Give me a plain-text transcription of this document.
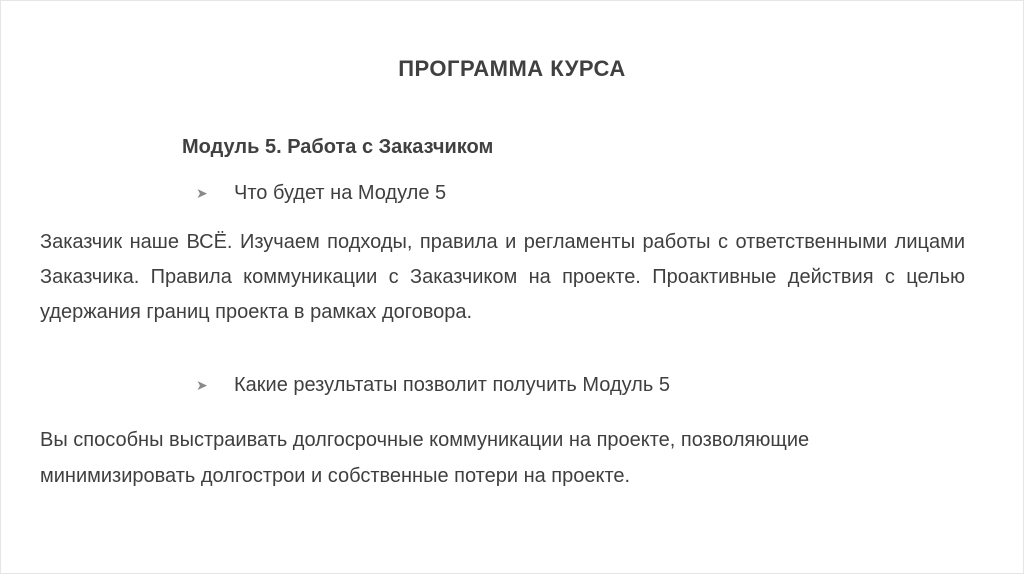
ПРОГРАММА КУРСА
Модуль 5. Работа с Заказчиком
➤	Что будет на Модуле 5
Заказчик наше ВСЁ. Изучаем подходы, правила и регламенты работы с ответственными лицами Заказчика. Правила коммуникации с Заказчиком на проекте. Проактивные действия с целью удержания границ проекта в рамках договора.
➤	Какие результаты позволит получить Модуль 5
Вы способны выстраивать долгосрочные коммуникации на проекте, позволяющие
минимизировать долгострои и собственные потери на проекте.
